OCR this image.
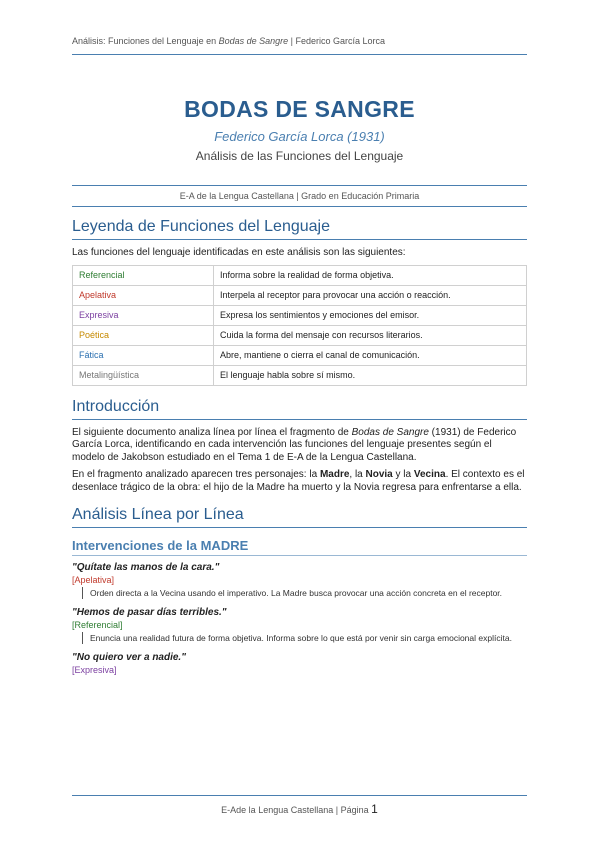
Análisis: Funciones del Lenguaje en Bodas de Sangre | Federico García Lorca
BODAS DE SANGRE
Federico García Lorca (1931)
Análisis de las Funciones del Lenguaje
E-A de la Lengua Castellana | Grado en Educación Primaria
Leyenda de Funciones del Lenguaje

Las funciones del lenguaje identificadas en este análisis son las siguientes:

Referencial	Informa sobre la realidad de forma objetiva.
Apelativa	Interpela al receptor para provocar una acción o reacción.
Expresiva	Expresa los sentimientos y emociones del emisor.
Poética	Cuida la forma del mensaje con recursos literarios.
Fática	Abre, mantiene o cierra el canal de comunicación.
Metalingüística	El lenguaje habla sobre sí mismo.
Introducción

El siguiente documento analiza línea por línea el fragmento de Bodas de Sangre (1931) de Federico García Lorca, identificando en cada intervención las funciones del lenguaje presentes según el modelo de Jakobson estudiado en el Tema 1 de E-A de la Lengua Castellana.

En el fragmento analizado aparecen tres personajes: la Madre, la Novia y la Vecina. El contexto es el desenlace trágico de la obra: el hijo de la Madre ha muerto y la Novia regresa para enfrentarse a ella.

Análisis Línea por Línea
Intervenciones de la MADRE
"Quítate las manos de la cara."
[Apelativa]
Orden directa a la Vecina usando el imperativo. La Madre busca provocar una acción concreta en el receptor.
"Hemos de pasar días terribles."
[Referencial]
Enuncia una realidad futura de forma objetiva. Informa sobre lo que está por venir sin carga emocional explícita.
"No quiero ver a nadie."
[Expresiva]
E-Ade la Lengua Castellana | Página 1
